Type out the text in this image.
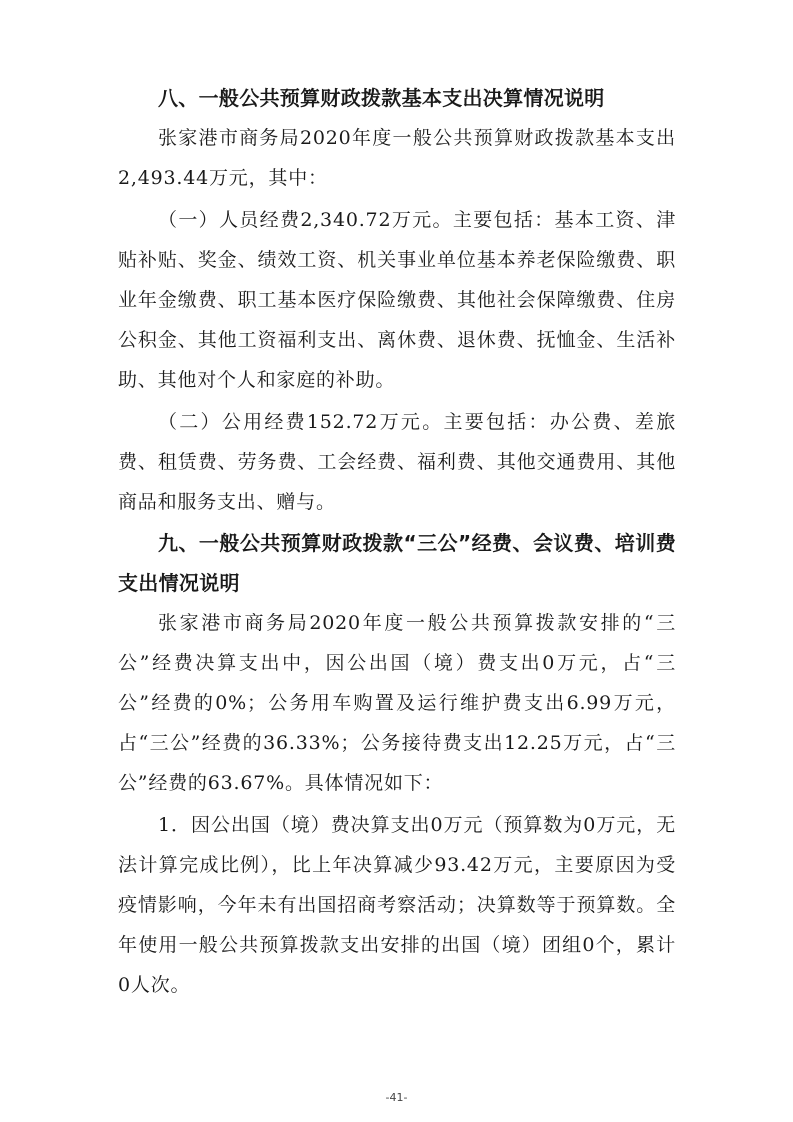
八、一般公共预算财政拨款基本支出决算情况说明

张家港市商务局2020年度一般公共预算财政拨款基本支出2,493.44万元，其中：

（一）人员经费2,340.72万元。主要包括：基本工资、津贴补贴、奖金、绩效工资、机关事业单位基本养老保险缴费、职业年金缴费、职工基本医疗保险缴费、其他社会保障缴费、住房公积金、其他工资福利支出、离休费、退休费、抚恤金、生活补助、其他对个人和家庭的补助。

（二）公用经费152.72万元。主要包括：办公费、差旅费、租赁费、劳务费、工会经费、福利费、其他交通费用、其他商品和服务支出、赠与。

九、一般公共预算财政拨款“三公”经费、会议费、培训费支出情况说明

张家港市商务局2020年度一般公共预算拨款安排的“三公”经费决算支出中，因公出国（境）费支出0万元，占“三公”经费的0%；公务用车购置及运行维护费支出6.99万元，占“三公”经费的36.33%；公务接待费支出12.25万元，占“三公”经费的63.67%。具体情况如下：

1．因公出国（境）费决算支出0万元（预算数为0万元，无法计算完成比例），比上年决算减少93.42万元，主要原因为受疫情影响，今年未有出国招商考察活动；决算数等于预算数。全年使用一般公共预算拨款支出安排的出国（境）团组0个，累计0人次。

-41-
